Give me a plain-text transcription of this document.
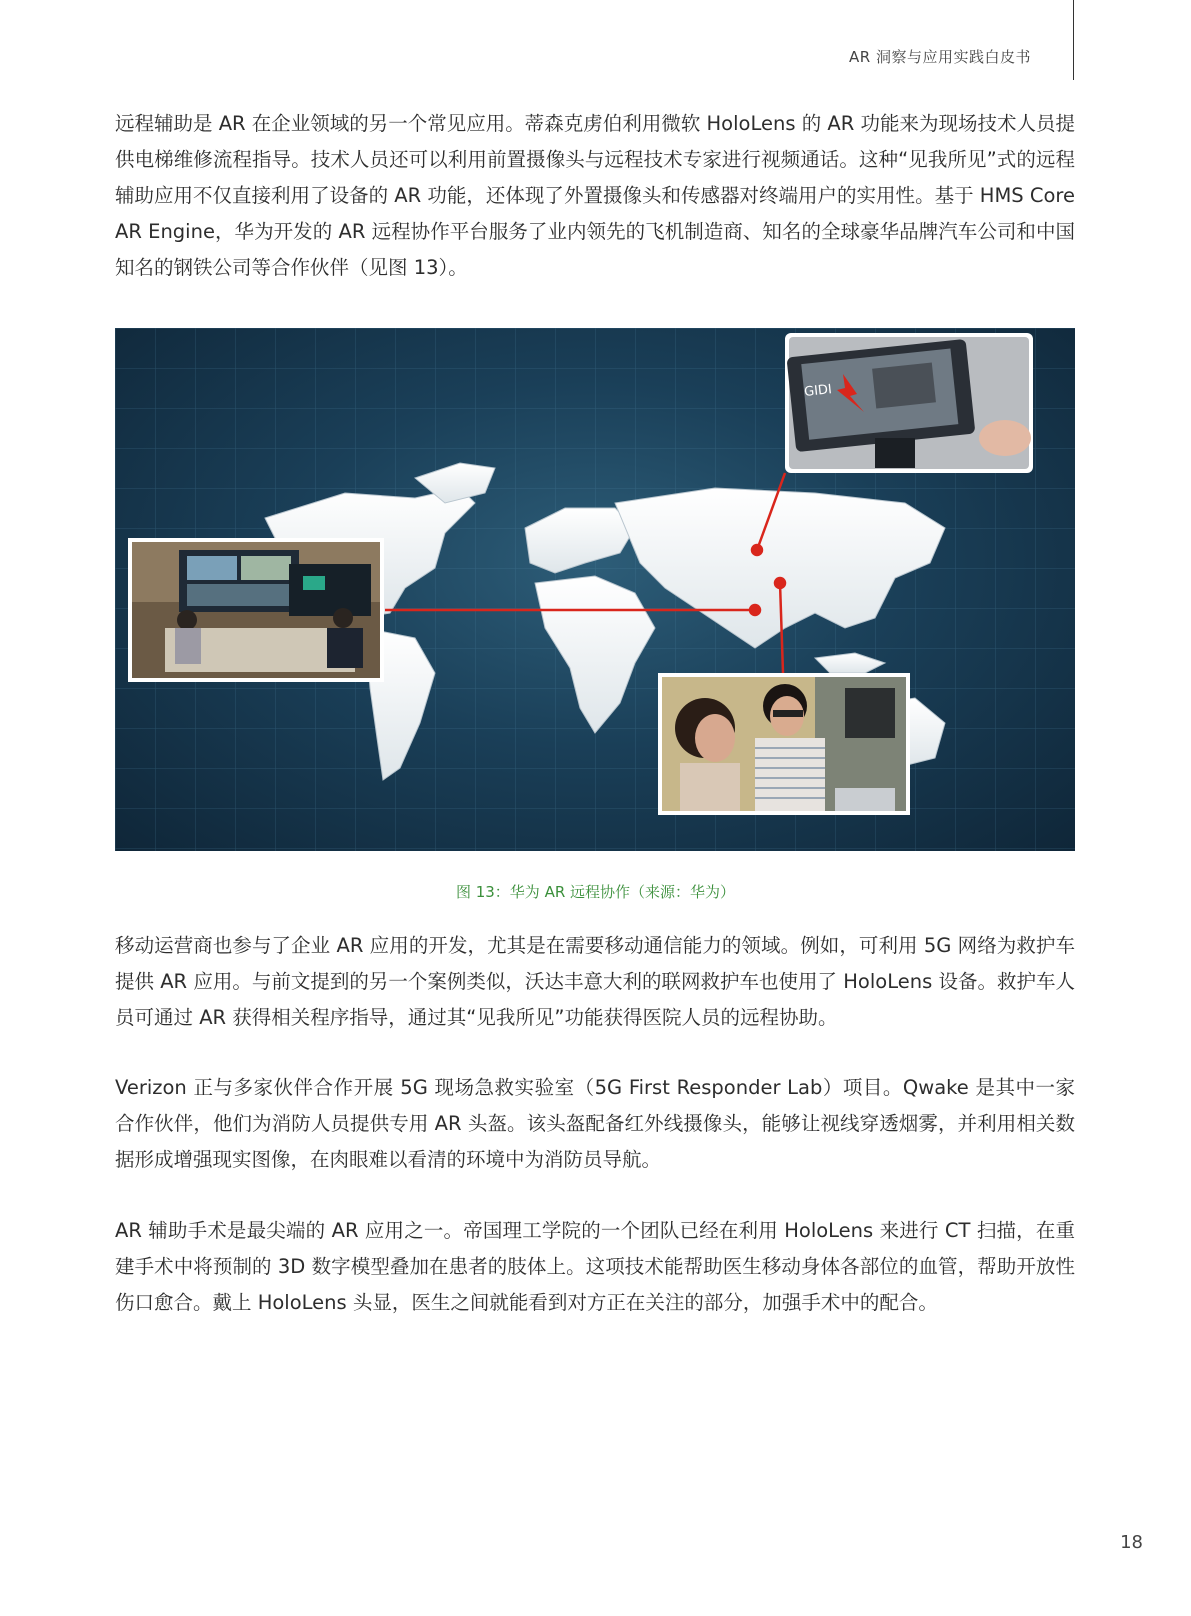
AR 洞察与应用实践白皮书

远程辅助是 AR 在企业领域的另一个常见应用。蒂森克虏伯利用微软 HoloLens 的 AR 功能来为现场技术人员提供电梯维修流程指导。技术人员还可以利用前置摄像头与远程技术专家进行视频通话。这种“见我所见”式的远程辅助应用不仅直接利用了设备的 AR 功能，还体现了外置摄像头和传感器对终端用户的实用性。基于 HMS Core AR Engine，华为开发的 AR 远程协作平台服务了业内领先的飞机制造商、知名的全球豪华品牌汽车公司和中国知名的钢铁公司等合作伙伴（见图 13）。

GIDI
图 13：华为 AR 远程协作（来源：华为）

移动运营商也参与了企业 AR 应用的开发，尤其是在需要移动通信能力的领域。例如，可利用 5G 网络为救护车提供 AR 应用。与前文提到的另一个案例类似，沃达丰意大利的联网救护车也使用了 HoloLens 设备。救护车人员可通过 AR 获得相关程序指导，通过其“见我所见”功能获得医院人员的远程协助。

Verizon 正与多家伙伴合作开展 5G 现场急救实验室（5G First Responder Lab）项目。Qwake 是其中一家合作伙伴，他们为消防人员提供专用 AR 头盔。该头盔配备红外线摄像头，能够让视线穿透烟雾，并利用相关数据形成增强现实图像，在肉眼难以看清的环境中为消防员导航。

AR 辅助手术是最尖端的 AR 应用之一。帝国理工学院的一个团队已经在利用 HoloLens 来进行 CT 扫描，在重建手术中将预制的 3D 数字模型叠加在患者的肢体上。这项技术能帮助医生移动身体各部位的血管，帮助开放性伤口愈合。戴上 HoloLens 头显，医生之间就能看到对方正在关注的部分，加强手术中的配合。

18
